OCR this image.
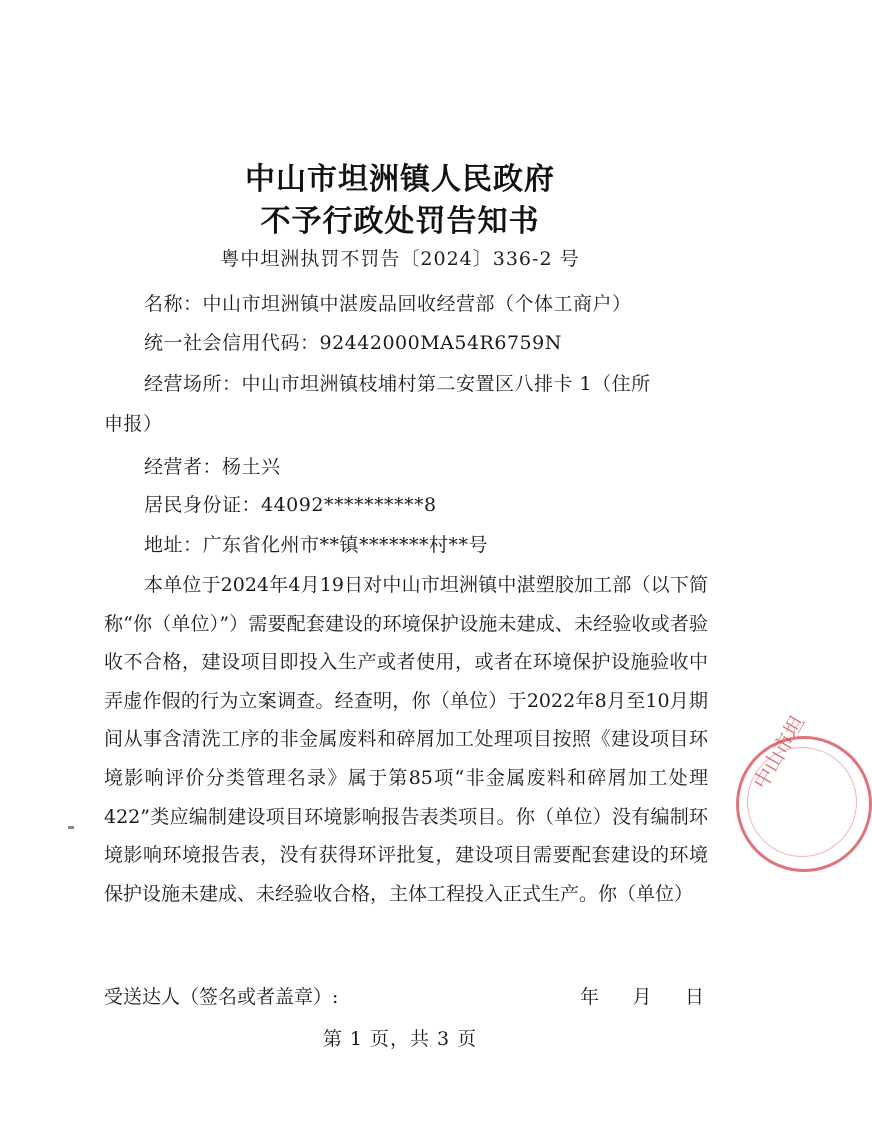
中山市坦洲镇人民政府
不予行政处罚告知书
粤中坦洲执罚不罚告〔2024〕336-2 号
名称：中山市坦洲镇中湛废品回收经营部（个体工商户）
统一社会信用代码：92442000MA54R6759N
经营场所：中山市坦洲镇枝埔村第二安置区八排卡 1（住所
申报）
经营者：杨土兴
居民身份证：44092**********8
地址：广东省化州市**镇*******村**号
本单位于2024年4月19日对中山市坦洲镇中湛塑胶加工部（以下简称“你（单位）”）需要配套建设的环境保护设施未建成、未经验收或者验收不合格，建设项目即投入生产或者使用，或者在环境保护设施验收中弄虚作假的行为立案调查。经查明，你（单位）于2022年8月至10月期间从事含清洗工序的非金属废料和碎屑加工处理项目按照《建设项目环境影响评价分类管理名录》属于第85项“非金属废料和碎屑加工处理422”类应编制建设项目环境影响报告表类项目。你（单位）没有编制环境影响环境报告表，没有获得环评批复，建设项目需要配套建设的环境保护设施未建成、未经验收合格，主体工程投入正式生产。你（单位）
受送达人（签名或者盖章）:	年 月 日
第 1 页，共 3 页
中山市坦
